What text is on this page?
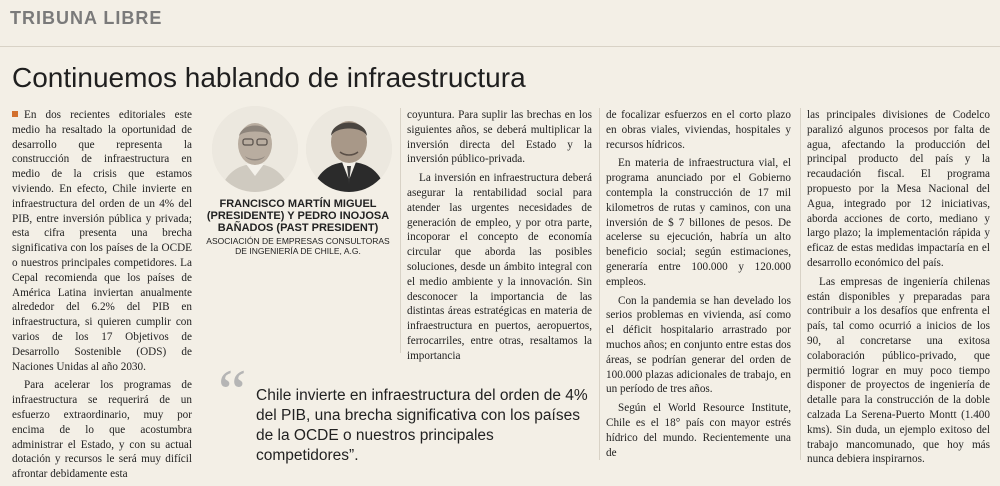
TRIBUNA LIBRE
Continuemos hablando de infraestructura

En dos recientes editoriales este medio ha resaltado la oportunidad de desarrollo que representa la construcción de infraestructura en medio de la crisis que estamos viviendo. En efecto, Chile invierte en infraestructura del orden de un 4% del PIB, entre inversión pública y privada; esta cifra presenta una brecha significativa con los países de la OCDE o nuestros principales competidores. La Cepal recomienda que los países de América Latina inviertan anualmente alrededor del 6.2% del PIB en infraestructura, si quieren cumplir con varios de los 17 Objetivos de Desarrollo Sostenible (ODS) de Naciones Unidas al año 2030.

Para acelerar los programas de infraestructura se requerirá de un esfuerzo extraordinario, muy por encima de lo que acostumbra administrar el Estado, y con su actual dotación y recursos le será muy difícil afrontar debidamente esta

FRANCISCO MARTÍN MIGUEL (PRESIDENTE) Y PEDRO INOJOSA BAÑADOS (PAST PRESIDENT)
ASOCIACIÓN DE EMPRESAS CONSULTORAS DE INGENIERÍA DE CHILE, A.G.

coyuntura. Para suplir las brechas en los siguientes años, se deberá multiplicar la inversión directa del Estado y la inversión público-privada.

La inversión en infraestructura deberá asegurar la rentabilidad social para atender las urgentes necesidades de generación de empleo, y por otra parte, incoporar el concepto de economía circular que aborda las posibles soluciones, desde un ámbito integral con el medio ambiente y la innovación. Sin desconocer la importancia de las distintas áreas estratégicas en materia de infraestructura en puertos, aeropuertos, ferrocarriles, entre otras, resaltamos la importancia

de focalizar esfuerzos en el corto plazo en obras viales, viviendas, hospitales y recursos hídricos.

En materia de infraestructura vial, el programa anunciado por el Gobierno contempla la construcción de 17 mil kilometros de rutas y caminos, con una inversión de $ 7 billones de pesos. De acelerse su ejecución, habría un alto beneficio social; según estimaciones, generaría entre 100.000 y 120.000 empleos.

Con la pandemia se han develado los serios problemas en vivienda, así como el déficit hospitalario arrastrado por muchos años; en conjunto entre estas dos áreas, se podrían generar del orden de 100.000 plazas adicionales de trabajo, en un período de tres años.

Según el World Resource Institute, Chile es el 18° país con mayor estrés hídrico del mundo. Recientemente una de

las principales divisiones de Codelco paralizó algunos procesos por falta de agua, afectando la producción del principal producto del país y la recaudación fiscal. El programa propuesto por la Mesa Nacional del Agua, integrado por 12 iniciativas, aborda acciones de corto, mediano y largo plazo; la implementación rápida y eficaz de estas medidas impactaría en el desarrollo económico del país.

Las empresas de ingeniería chilenas están disponibles y preparadas para contribuir a los desafíos que enfrenta el país, tal como ocurrió a inicios de los 90, al concretarse una exitosa colaboración público-privado, que permitió lograr en muy poco tiempo disponer de proyectos de ingeniería de detalle para la construcción de la doble calzada La Serena-Puerto Montt (1.400 kms). Sin duda, un ejemplo exitoso del trabajo mancomunado, que hoy más nunca debiera inspirarnos.

“ Chile invierte en infraestructura del orden de 4% del PIB, una brecha significativa con los países de la OCDE o nuestros principales competidores”.
